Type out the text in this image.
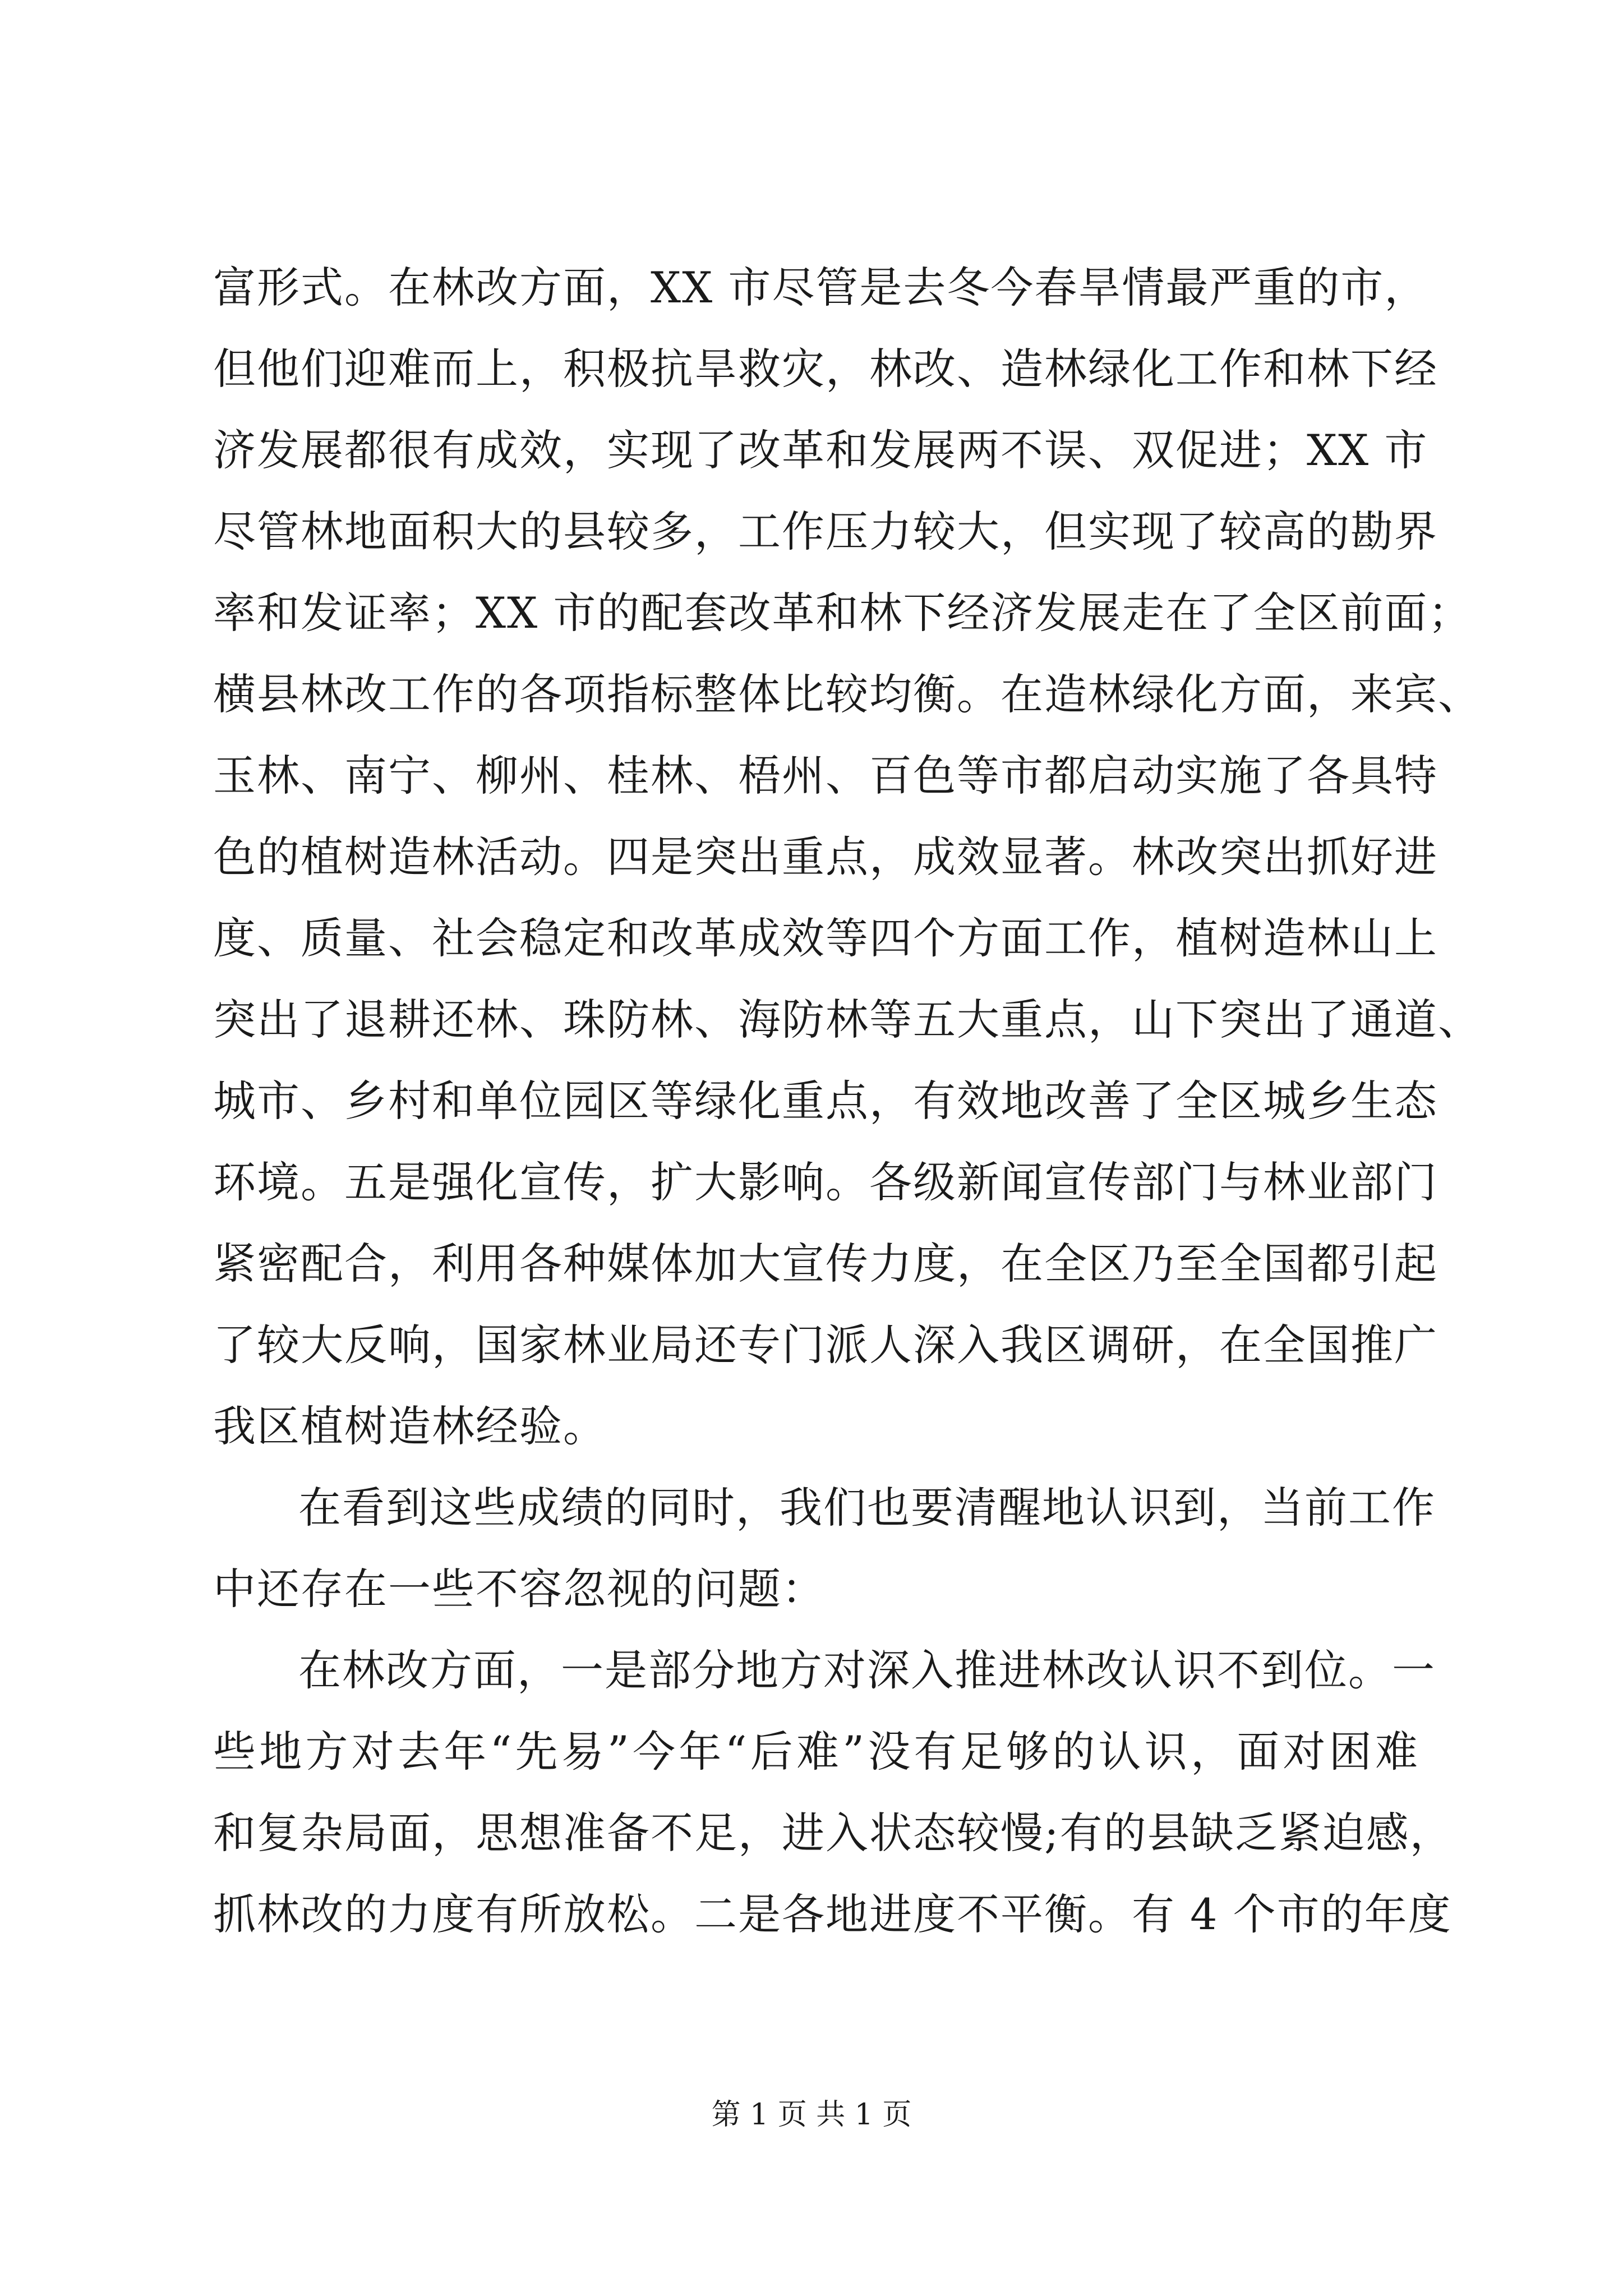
富形式。在林改方面，XX 市尽管是去冬今春旱情最严重的市，
但他们迎难而上，积极抗旱救灾，林改、造林绿化工作和林下经
济发展都很有成效，实现了改革和发展两不误、双促进；XX 市
尽管林地面积大的县较多，工作压力较大，但实现了较高的勘界
率和发证率；XX 市的配套改革和林下经济发展走在了全区前面；
横县林改工作的各项指标整体比较均衡。在造林绿化方面，来宾、
玉林、南宁、柳州、桂林、梧州、百色等市都启动实施了各具特
色的植树造林活动。四是突出重点，成效显著。林改突出抓好进
度、质量、社会稳定和改革成效等四个方面工作，植树造林山上
突出了退耕还林、珠防林、海防林等五大重点，山下突出了通道、
城市、乡村和单位园区等绿化重点，有效地改善了全区城乡生态
环境。五是强化宣传，扩大影响。各级新闻宣传部门与林业部门
紧密配合，利用各种媒体加大宣传力度，在全区乃至全国都引起
了较大反响，国家林业局还专门派人深入我区调研，在全国推广
我区植树造林经验。
在看到这些成绩的同时，我们也要清醒地认识到，当前工作
中还存在一些不容忽视的问题：
在林改方面，一是部分地方对深入推进林改认识不到位。一
些地方对去年“先易”今年“后难”没有足够的认识，面对困难
和复杂局面，思想准备不足，进入状态较慢;有的县缺乏紧迫感，
抓林改的力度有所放松。二是各地进度不平衡。有 4 个市的年度
第 1 页 共 1 页
